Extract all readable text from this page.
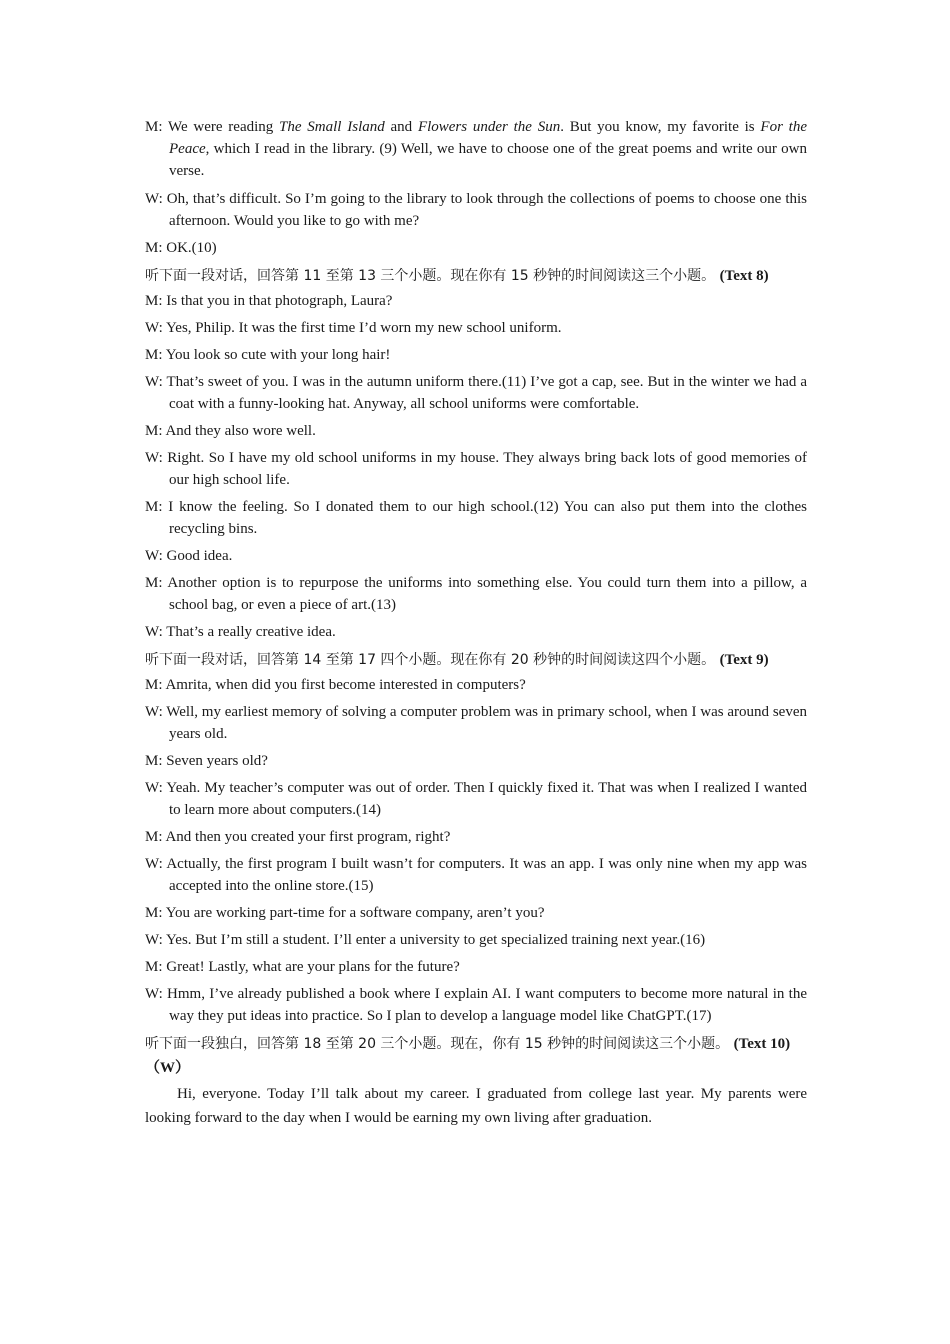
M: We were reading The Small Island and Flowers under the Sun. But you know, my favorite is For the Peace, which I read in the library. (9) Well, we have to choose one of the great poems and write our own verse.
W: Oh, that’s difficult. So I’m going to the library to look through the collections of poems to choose one this afternoon. Would you like to go with me?
M: OK.(10)
听下面一段对话，回答第 11 至第 13 三个小题。现在你有 15 秒钟的时间阅读这三个小题。 (Text 8)
M: Is that you in that photograph, Laura?
W: Yes, Philip. It was the first time I’d worn my new school uniform.
M: You look so cute with your long hair!
W: That’s sweet of you. I was in the autumn uniform there.(11) I’ve got a cap, see. But in the winter we had a coat with a funny-looking hat. Anyway, all school uniforms were comfortable.
M: And they also wore well.
W: Right. So I have my old school uniforms in my house. They always bring back lots of good memories of our high school life.
M: I know the feeling. So I donated them to our high school.(12) You can also put them into the clothes recycling bins.
W: Good idea.
M: Another option is to repurpose the uniforms into something else. You could turn them into a pillow, a school bag, or even a piece of art.(13)
W: That’s a really creative idea.
听下面一段对话，回答第 14 至第 17 四个小题。现在你有 20 秒钟的时间阅读这四个小题。 (Text 9)
M: Amrita, when did you first become interested in computers?
W: Well, my earliest memory of solving a computer problem was in primary school, when I was around seven years old.
M: Seven years old?
W: Yeah. My teacher’s computer was out of order. Then I quickly fixed it. That was when I realized I wanted to learn more about computers.(14)
M: And then you created your first program, right?
W: Actually, the first program I built wasn’t for computers. It was an app. I was only nine when my app was accepted into the online store.(15)
M: You are working part-time for a software company, aren’t you?
W: Yes. But I’m still a student. I’ll enter a university to get specialized training next year.(16)
M: Great! Lastly, what are your plans for the future?
W: Hmm, I’ve already published a book where I explain AI. I want computers to become more natural in the way they put ideas into practice. So I plan to develop a language model like ChatGPT.(17)
听下面一段独白，回答第 18 至第 20 三个小题。现在，你有 15 秒钟的时间阅读这三个小题。 (Text 10)（W）
Hi, everyone. Today I’ll talk about my career. I graduated from college last year. My parents were looking forward to the day when I would be earning my own living after graduation.
